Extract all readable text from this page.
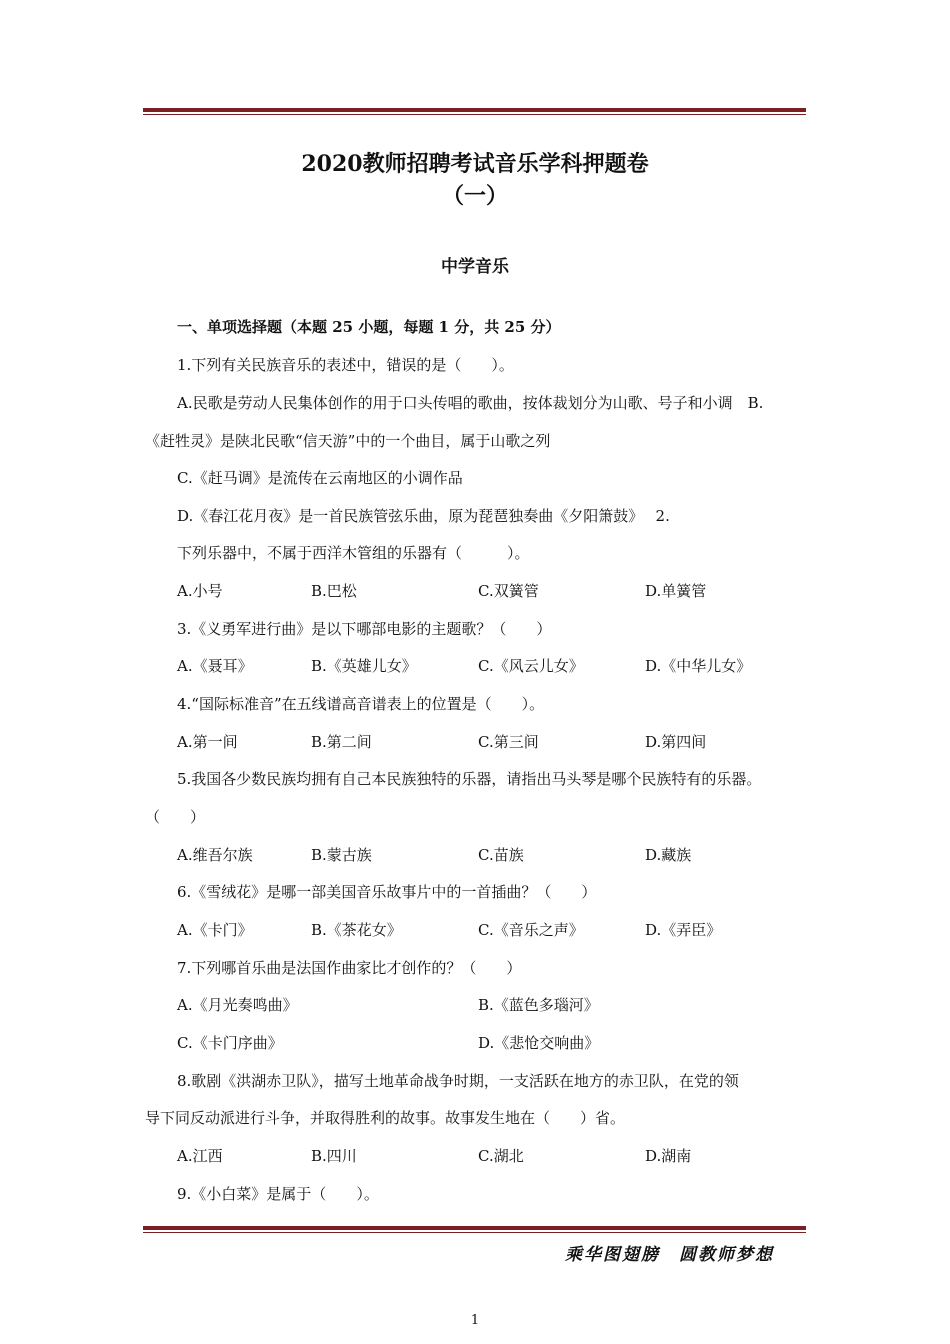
2020教师招聘考试音乐学科押题卷
（一）
中学音乐
一、单项选择题（本题 25 小题，每题 1 分，共 25 分）
1.下列有关民族音乐的表述中，错误的是（　　）。
A.民歌是劳动人民集体创作的用于口头传唱的歌曲，按体裁划分为山歌、号子和小调　B.
《赶牲灵》是陕北民歌“信天游”中的一个曲目，属于山歌之列
C.《赶马调》是流传在云南地区的小调作品
D.《春江花月夜》是一首民族管弦乐曲，原为琵琶独奏曲《夕阳箫鼓》　 2.
下列乐器中，不属于西洋木管组的乐器有（　　　）。
A.小号	B.巴松	C.双簧管	D.单簧管
3.《义勇军进行曲》是以下哪部电影的主题歌？（　　）
A.《聂耳》	B.《英雄儿女》	C.《风云儿女》	D.《中华儿女》
4.“国际标准音”在五线谱高音谱表上的位置是（　　）。
A.第一间	B.第二间	C.第三间	D.第四间
5.我国各少数民族均拥有自己本民族独特的乐器，请指出马头琴是哪个民族特有的乐器。
（　　）
A.维吾尔族	B.蒙古族	C.苗族	D.藏族
6.《雪绒花》是哪一部美国音乐故事片中的一首插曲？（　　）
A.《卡门》	B.《茶花女》	C.《音乐之声》	D.《弄臣》
7.下列哪首乐曲是法国作曲家比才创作的？（　　）
A.《月光奏鸣曲》	B.《蓝色多瑙河》
C.《卡门序曲》	D.《悲怆交响曲》
8.歌剧《洪湖赤卫队》，描写土地革命战争时期，一支活跃在地方的赤卫队，在党的领
导下同反动派进行斗争，并取得胜利的故事。故事发生地在（　　）省。
A.江西	B.四川	C.湖北	D.湖南
9.《小白菜》是属于（　　）。
乘华图翅膀　圆教师梦想
1
